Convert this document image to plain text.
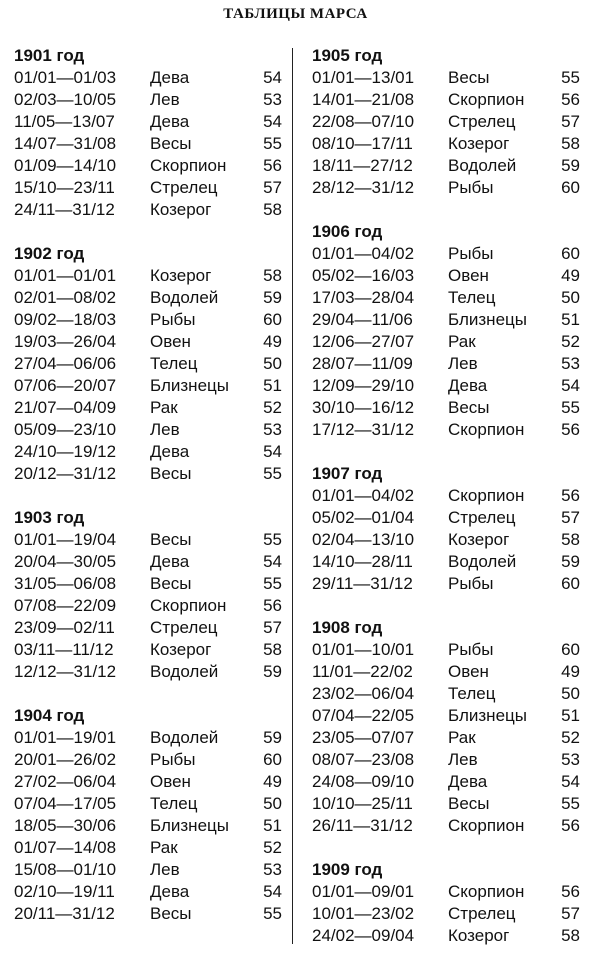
ТАБЛИЦЫ МАРСА
1901 год
01/01—01/03	Дева	54
02/03—10/05	Лев	53
11/05—13/07	Дева	54
14/07—31/08	Весы	55
01/09—14/10	Скорпион	56
15/10—23/11	Стрелец	57
24/11—31/12	Козерог	58
1902 год
01/01—01/01	Козерог	58
02/01—08/02	Водолей	59
09/02—18/03	Рыбы	60
19/03—26/04	Овен	49
27/04—06/06	Телец	50
07/06—20/07	Близнецы	51
21/07—04/09	Рак	52
05/09—23/10	Лев	53
24/10—19/12	Дева	54
20/12—31/12	Весы	55
1903 год
01/01—19/04	Весы	55
20/04—30/05	Дева	54
31/05—06/08	Весы	55
07/08—22/09	Скорпион	56
23/09—02/11	Стрелец	57
03/11—11/12	Козерог	58
12/12—31/12	Водолей	59
1904 год
01/01—19/01	Водолей	59
20/01—26/02	Рыбы	60
27/02—06/04	Овен	49
07/04—17/05	Телец	50
18/05—30/06	Близнецы	51
01/07—14/08	Рак	52
15/08—01/10	Лев	53
02/10—19/11	Дева	54
20/11—31/12	Весы	55
1905 год
01/01—13/01	Весы	55
14/01—21/08	Скорпион	56
22/08—07/10	Стрелец	57
08/10—17/11	Козерог	58
18/11—27/12	Водолей	59
28/12—31/12	Рыбы	60
1906 год
01/01—04/02	Рыбы	60
05/02—16/03	Овен	49
17/03—28/04	Телец	50
29/04—11/06	Близнецы	51
12/06—27/07	Рак	52
28/07—11/09	Лев	53
12/09—29/10	Дева	54
30/10—16/12	Весы	55
17/12—31/12	Скорпион	56
1907 год
01/01—04/02	Скорпион	56
05/02—01/04	Стрелец	57
02/04—13/10	Козерог	58
14/10—28/11	Водолей	59
29/11—31/12	Рыбы	60
1908 год
01/01—10/01	Рыбы	60
11/01—22/02	Овен	49
23/02—06/04	Телец	50
07/04—22/05	Близнецы	51
23/05—07/07	Рак	52
08/07—23/08	Лев	53
24/08—09/10	Дева	54
10/10—25/11	Весы	55
26/11—31/12	Скорпион	56
1909 год
01/01—09/01	Скорпион	56
10/01—23/02	Стрелец	57
24/02—09/04	Козерог	58
